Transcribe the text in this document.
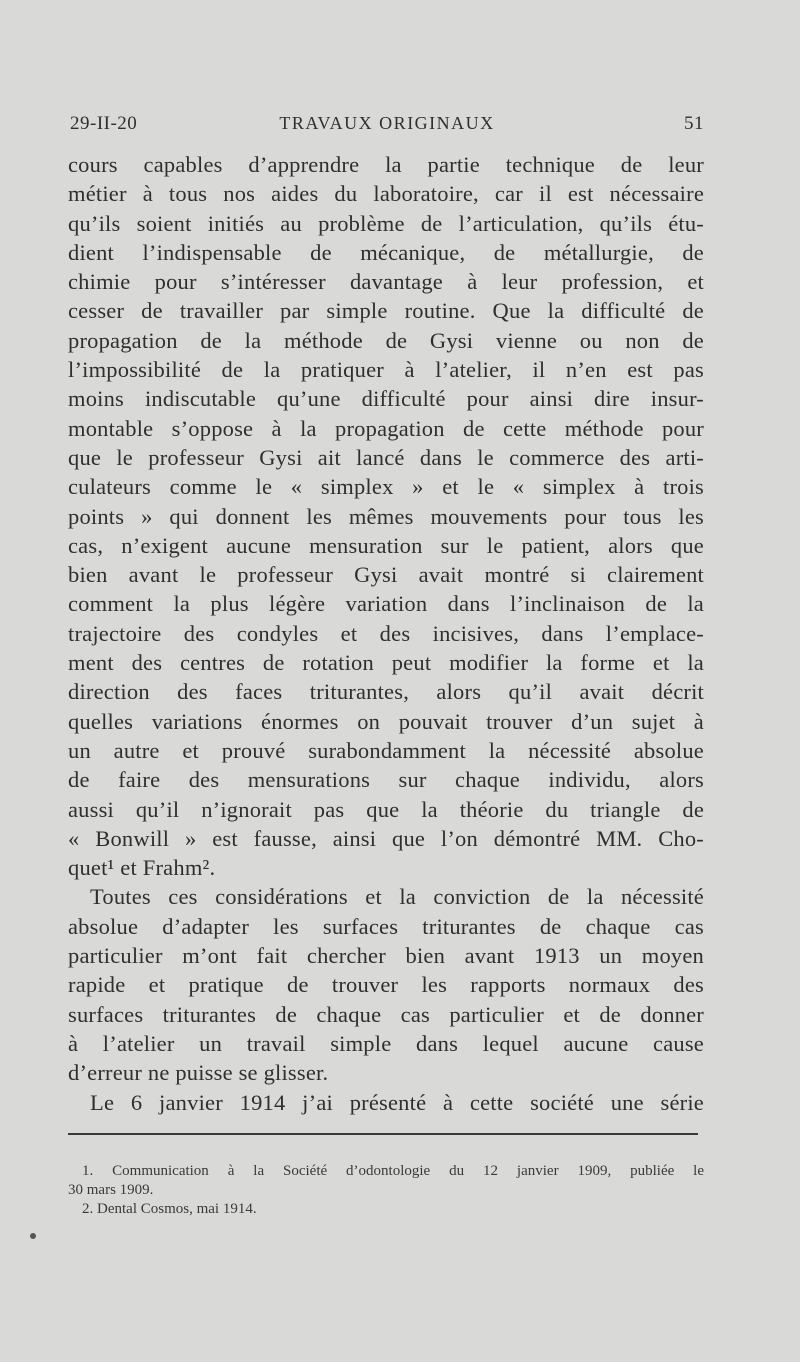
29-II-20	TRAVAUX ORIGINAUX	51
cours capables d’apprendre la partie technique de leur
métier à tous nos aides du laboratoire, car il est nécessaire
qu’ils soient initiés au problème de l’articulation, qu’ils étu-
dient l’indispensable de mécanique, de métallurgie, de
chimie pour s’intéresser davantage à leur profession, et
cesser de travailler par simple routine. Que la difficulté de
propagation de la méthode de Gysi vienne ou non de
l’impossibilité de la pratiquer à l’atelier, il n’en est pas
moins indiscutable qu’une difficulté pour ainsi dire insur-
montable s’oppose à la propagation de cette méthode pour
que le professeur Gysi ait lancé dans le commerce des arti-
culateurs comme le « simplex » et le « simplex à trois
points » qui donnent les mêmes mouvements pour tous les
cas, n’exigent aucune mensuration sur le patient, alors que
bien avant le professeur Gysi avait montré si clairement
comment la plus légère variation dans l’inclinaison de la
trajectoire des condyles et des incisives, dans l’emplace-
ment des centres de rotation peut modifier la forme et la
direction des faces triturantes, alors qu’il avait décrit
quelles variations énormes on pouvait trouver d’un sujet à
un autre et prouvé surabondamment la nécessité absolue
de faire des mensurations sur chaque individu, alors
aussi qu’il n’ignorait pas que la théorie du triangle de
« Bonwill » est fausse, ainsi que l’on démontré MM. Cho-
quet¹ et Frahm².
Toutes ces considérations et la conviction de la nécessité
absolue d’adapter les surfaces triturantes de chaque cas
particulier m’ont fait chercher bien avant 1913 un moyen
rapide et pratique de trouver les rapports normaux des
surfaces triturantes de chaque cas particulier et de donner
à l’atelier un travail simple dans lequel aucune cause
d’erreur ne puisse se glisser.
Le 6 janvier 1914 j’ai présenté à cette société une série
1. Communication à la Société d’odontologie du 12 janvier 1909, publiée le
30 mars 1909.
2. Dental Cosmos, mai 1914.
